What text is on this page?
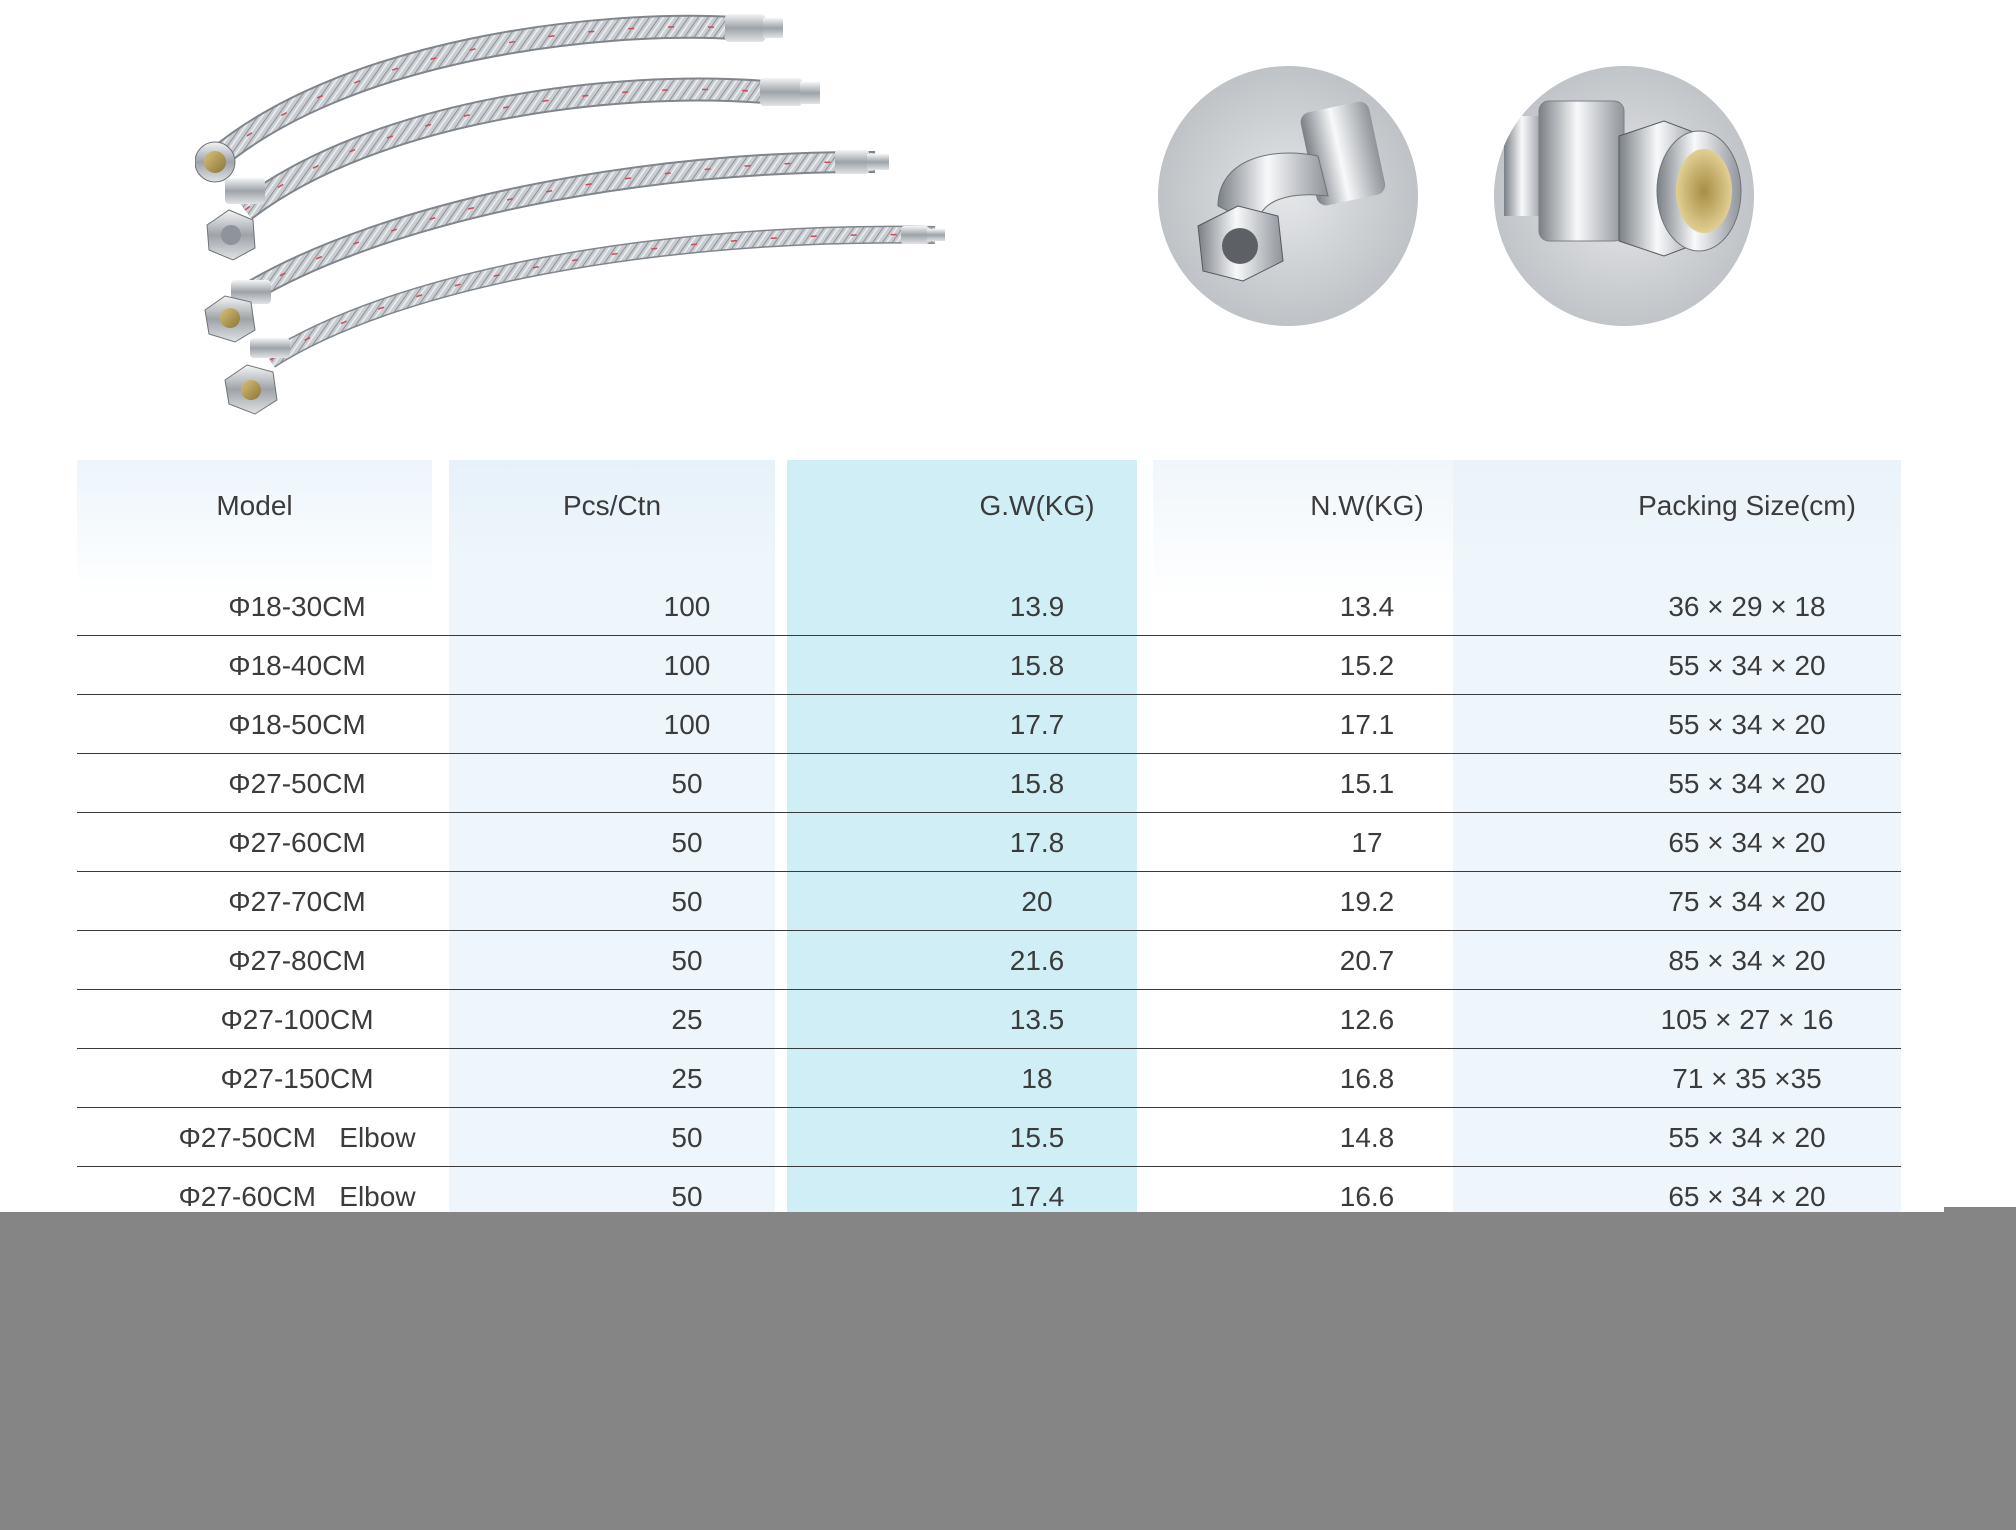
Model	Pcs/Ctn	G.W(KG)	N.W(KG)	Packing Size(cm)
Φ18-30CM	100	13.9	13.4	36 × 29 × 18
Φ18-40CM	100	15.8	15.2	55 × 34 × 20
Φ18-50CM	100	17.7	17.1	55 × 34 × 20
Φ27-50CM	50	15.8	15.1	55 × 34 × 20
Φ27-60CM	50	17.8	17	65 × 34 × 20
Φ27-70CM	50	20	19.2	75 × 34 × 20
Φ27-80CM	50	21.6	20.7	85 × 34 × 20
Φ27-100CM	25	13.5	12.6	105 × 27 × 16
Φ27-150CM	25	18	16.8	71 × 35 ×35
Φ27-50CM   Elbow	50	15.5	14.8	55 × 34 × 20
Φ27-60CM   Elbow	50	17.4	16.6	65 × 34 × 20
